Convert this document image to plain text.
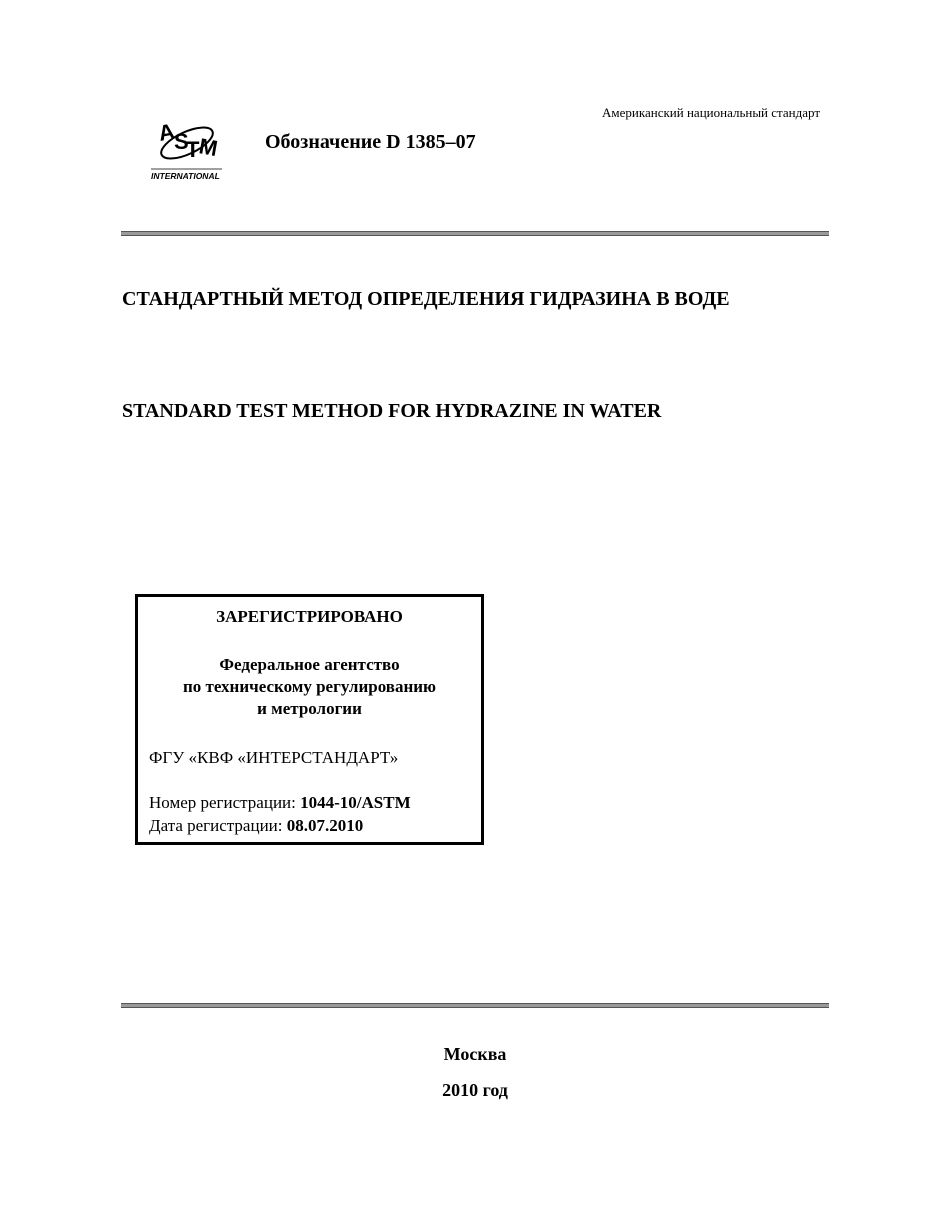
Американский национальный стандарт
A
S
T
M
INTERNATIONAL
Обозначение D 1385–07
СТАНДАРТНЫЙ МЕТОД ОПРЕДЕЛЕНИЯ ГИДРАЗИНА В ВОДЕ
STANDARD TEST METHOD FOR HYDRAZINE IN WATER
ЗАРЕГИСТРИРОВАНО
Федеральное агентство
по техническому регулированию
и метрологии
ФГУ «КВФ «ИНТЕРСТАНДАРТ»
Номер регистрации: 1044-10/ASTM
Дата регистрации: 08.07.2010
Москва
2010 год
